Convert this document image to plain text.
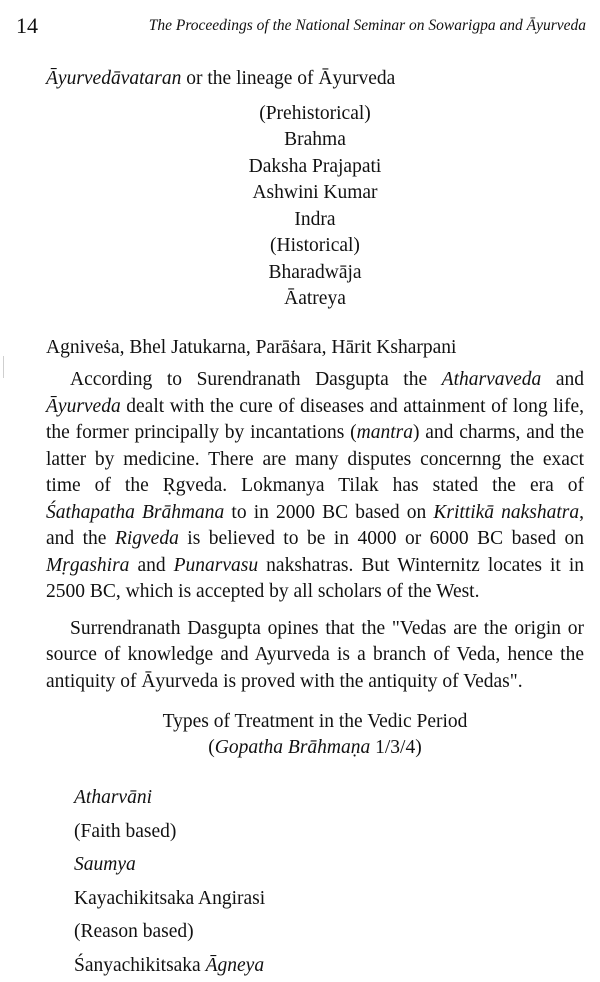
14	The Proceedings of the National Seminar on Sowarigpa and Āyurveda
Āyurvedāvataran or the lineage of Āyurveda
(Prehistorical)
Brahma
Daksha Prajapati
Ashwini Kumar
Indra
(Historical)
Bharadwāja
Āatreya
Agniveṡa, Bhel Jatukarna, Parāṡara, Hārit Ksharpani

According to Surendranath Dasgupta the Atharvaveda and Āyurveda dealt with the cure of diseases and attainment of long life, the former principally by incantations (mantra) and charms, and the latter by medicine. There are many disputes concernng the exact time of the Ṛgveda. Lokmanya Tilak has stated the era of Śathapatha Brāhmana to in 2000 BC based on Krittikā nakshatra, and the Rigveda is believed to be in 4000 or 6000 BC based on Mṛgashira and Punarvasu nakshatras. But Winternitz locates it in 2500 BC, which is accepted by all scholars of the West.

Surrendranath Dasgupta opines that the "Vedas are the origin or source of knowledge and Ayurveda is a branch of Veda, hence the antiquity of Āyurveda is proved with the antiquity of Vedas".

Types of Treatment in the Vedic Period
(Gopatha Brāhmaṇa 1/3/4)
Atharvāni
(Faith based)
Saumya
Kayachikitsaka Angirasi
(Reason based)
Śanyachikitsaka Āgneya
